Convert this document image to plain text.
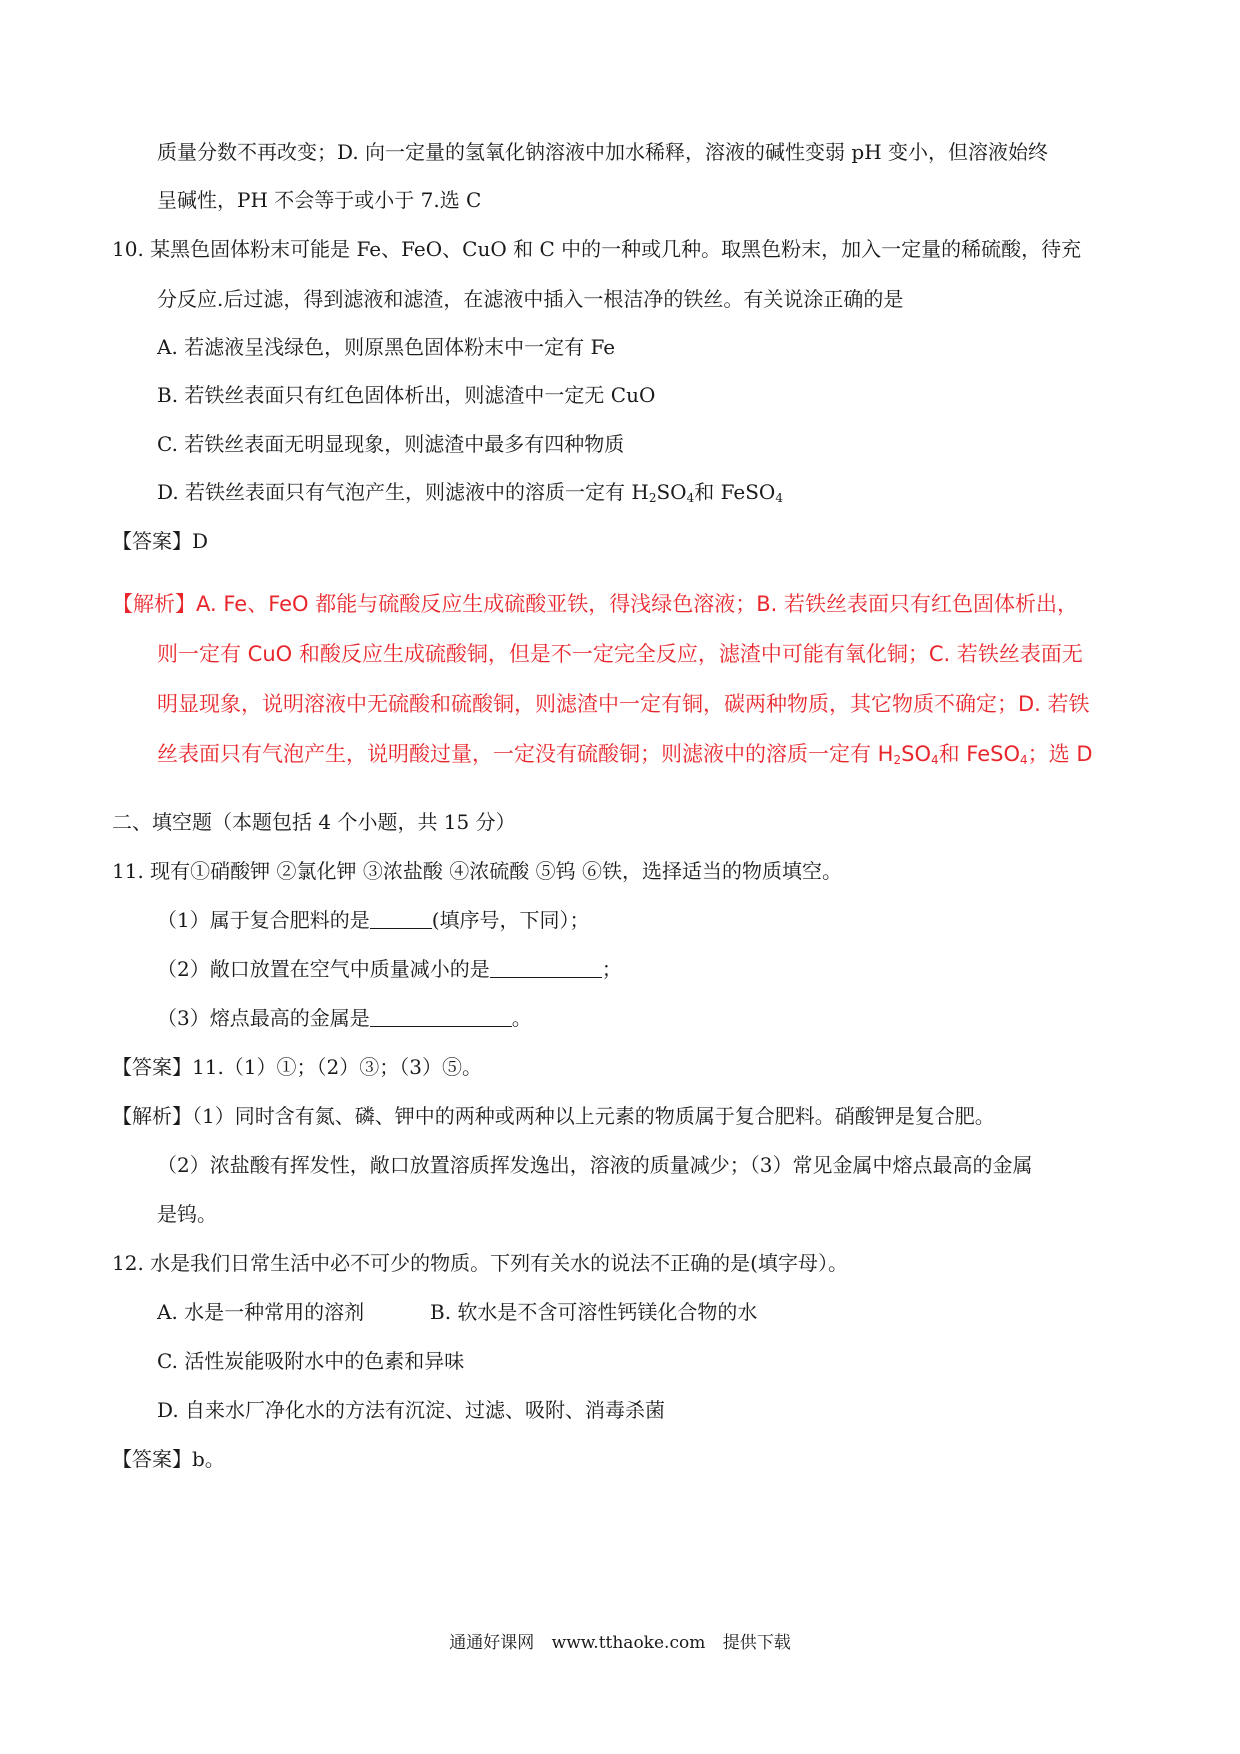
质量分数不再改变；D. 向一定量的氢氧化钠溶液中加水稀释，溶液的碱性变弱 pH 变小，但溶液始终
呈碱性，PH 不会等于或小于 7.选 C
10. 某黑色固体粉末可能是 Fe、FeO、CuO 和 C 中的一种或几种。取黑色粉末，加入一定量的稀硫酸，待充
分反应.后过滤，得到滤液和滤渣，在滤液中插入一根洁净的铁丝。有关说涂正确的是
A. 若滤液呈浅绿色，则原黑色固体粉末中一定有 Fe
B. 若铁丝表面只有红色固体析出，则滤渣中一定无 CuO
C. 若铁丝表面无明显现象，则滤渣中最多有四种物质
D. 若铁丝表面只有气泡产生，则滤液中的溶质一定有 $H_2SO_4$和 FeSO$_4$
【答案】D
【解析】A. Fe、FeO 都能与硫酸反应生成硫酸亚铁，得浅绿色溶液；B. 若铁丝表面只有红色固体析出，
则一定有 CuO 和酸反应生成硫酸铜，但是不一定完全反应，滤渣中可能有氧化铜；C. 若铁丝表面无
明显现象，说明溶液中无硫酸和硫酸铜，则滤渣中一定有铜，碳两种物质，其它物质不确定；D. 若铁
丝表面只有气泡产生，说明酸过量，一定没有硫酸铜；则滤液中的溶质一定有 $H_2SO_4$和 FeSO$_4$；选 D
二、填空题（本题包括 4 个小题，共 15 分）
11. 现有①硝酸钾 ②氯化钾 ③浓盐酸 ④浓硫酸 ⑤钨 ⑥铁，选择适当的物质填空。
（1）属于复合肥料的是	(填序号，下同）；
（2）敞口放置在空气中质量减小的是	；
（3）熔点最高的金属是	。
【答案】11.（1）①；（2）③；（3）⑤。
【解析】（1）同时含有氮、磷、钾中的两种或两种以上元素的物质属于复合肥料。硝酸钾是复合肥。
（2）浓盐酸有挥发性，敞口放置溶质挥发逸出，溶液的质量减少；（3）常见金属中熔点最高的金属
是钨。
12. 水是我们日常生活中必不可少的物质。下列有关水的说法不正确的是(填字母）。
A. 水是一种常用的溶剂	B. 软水是不含可溶性钙镁化合物的水
C. 活性炭能吸附水中的色素和异味
D. 自来水厂净化水的方法有沉淀、过滤、吸附、消毒杀菌
【答案】b。
通通好课网 www.tthaoke.com 提供下载
